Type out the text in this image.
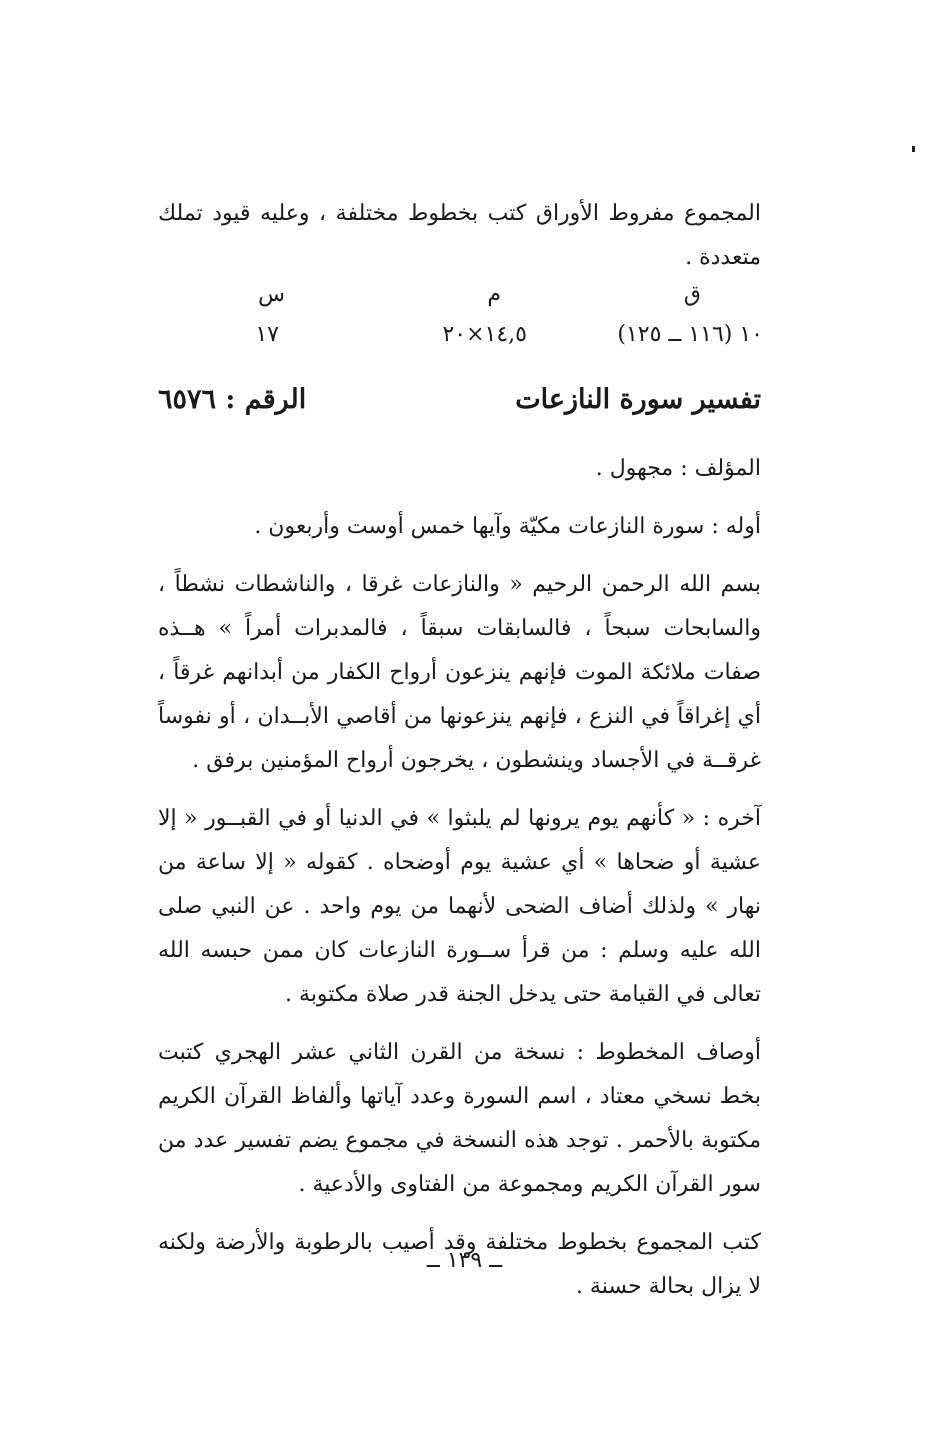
المجموع مفروط الأوراق كتب بخطوط مختلفة ، وعليه قيود تملك متعددة .

ق
م
س
١٠ (١١٦ ــ ١٢٥)
١٤,٥×٢٠
١٧
تفسير سورة النازعات
الرقم : ٦٥٧٦

المؤلف : مجهول .

أوله : سورة النازعات مكيّة وآيها خمس أوست وأربعون .

بسم الله الرحمن الرحيم « والنازعات غرقا ، والناشطات نشطاً ، والسابحات سبحاً ، فالسابقات سبقاً ، فالمدبرات أمراً » هــذه صفات ملائكة الموت فإنهم ينزعون أرواح الكفار من أبدانهم غرقاً ، أي إغراقاً في النزع ، فإنهم ينزعونها من أقاصي الأبــدان ، أو نفوساً غرقــة في الأجساد وينشطون ، يخرجون أرواح المؤمنين برفق .

آخره : « كأنهم يوم يرونها لم يلبثوا » في الدنيا أو في القبــور « إلا عشية أو ضحاها » أي عشية يوم أوضحاه . كقوله « إلا ساعة من نهار » ولذلك أضاف الضحى لأنهما من يوم واحد . عن النبي صلى الله عليه وسلم : من قرأ ســورة النازعات كان ممن حبسه الله تعالى في القيامة حتى يدخل الجنة قدر صلاة مكتوبة .

أوصاف المخطوط : نسخة من القرن الثاني عشر الهجري كتبت بخط نسخي معتاد ، اسم السورة وعدد آياتها وألفاظ القرآن الكريم مكتوبة بالأحمر . توجد هذه النسخة في مجموع يضم تفسير عدد من سور القرآن الكريم ومجموعة من الفتاوى والأدعية .

كتب المجموع بخطوط مختلفة وقد أصيب بالرطوبة والأرضة ولكنه لا يزال بحالة حسنة .

ــ ١٣٩ ــ
